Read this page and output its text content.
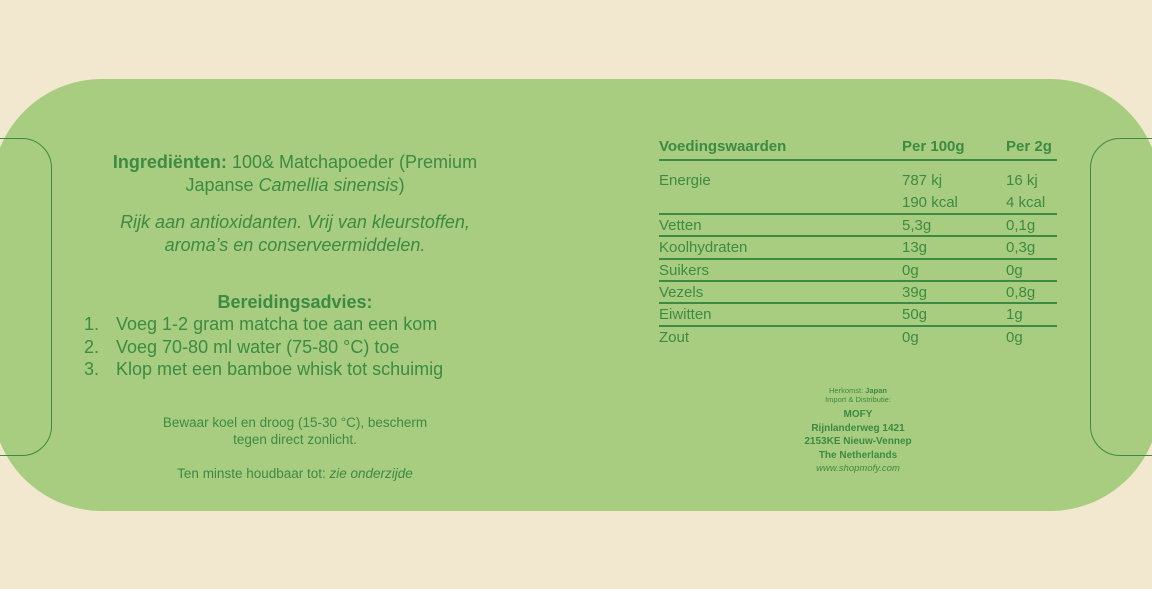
Ingrediënten: 100& Matchapoeder (Premium
Japanse Camellia sinensis)
Rijk aan antioxidanten. Vrij van kleurstoffen,
aroma’s en conserveermiddelen.
Bereidingsadvies:
1. Voeg 1-2 gram matcha toe aan een kom
2. Voeg 70-80 ml water (75-80 °C) toe
3. Klop met een bamboe whisk tot schuimig
Bewaar koel en droog (15-30 °C), bescherm
tegen direct zonlicht.
Ten minste houdbaar tot: zie onderzijde
Voedingswaarden	Per 100g	Per 2g
Energie	787 kj	16 kj
190 kcal	4 kcal
Vetten	5,3g	0,1g
Koolhydraten	13g	0,3g
Suikers	0g	0g
Vezels	39g	0,8g
Eiwitten	50g	1g
Zout	0g	0g
Herkomst: Japan
Import & Distributie:
MOFY
Rijnlanderweg 1421
2153KE Nieuw-Vennep
The Netherlands
www.shopmofy.com
